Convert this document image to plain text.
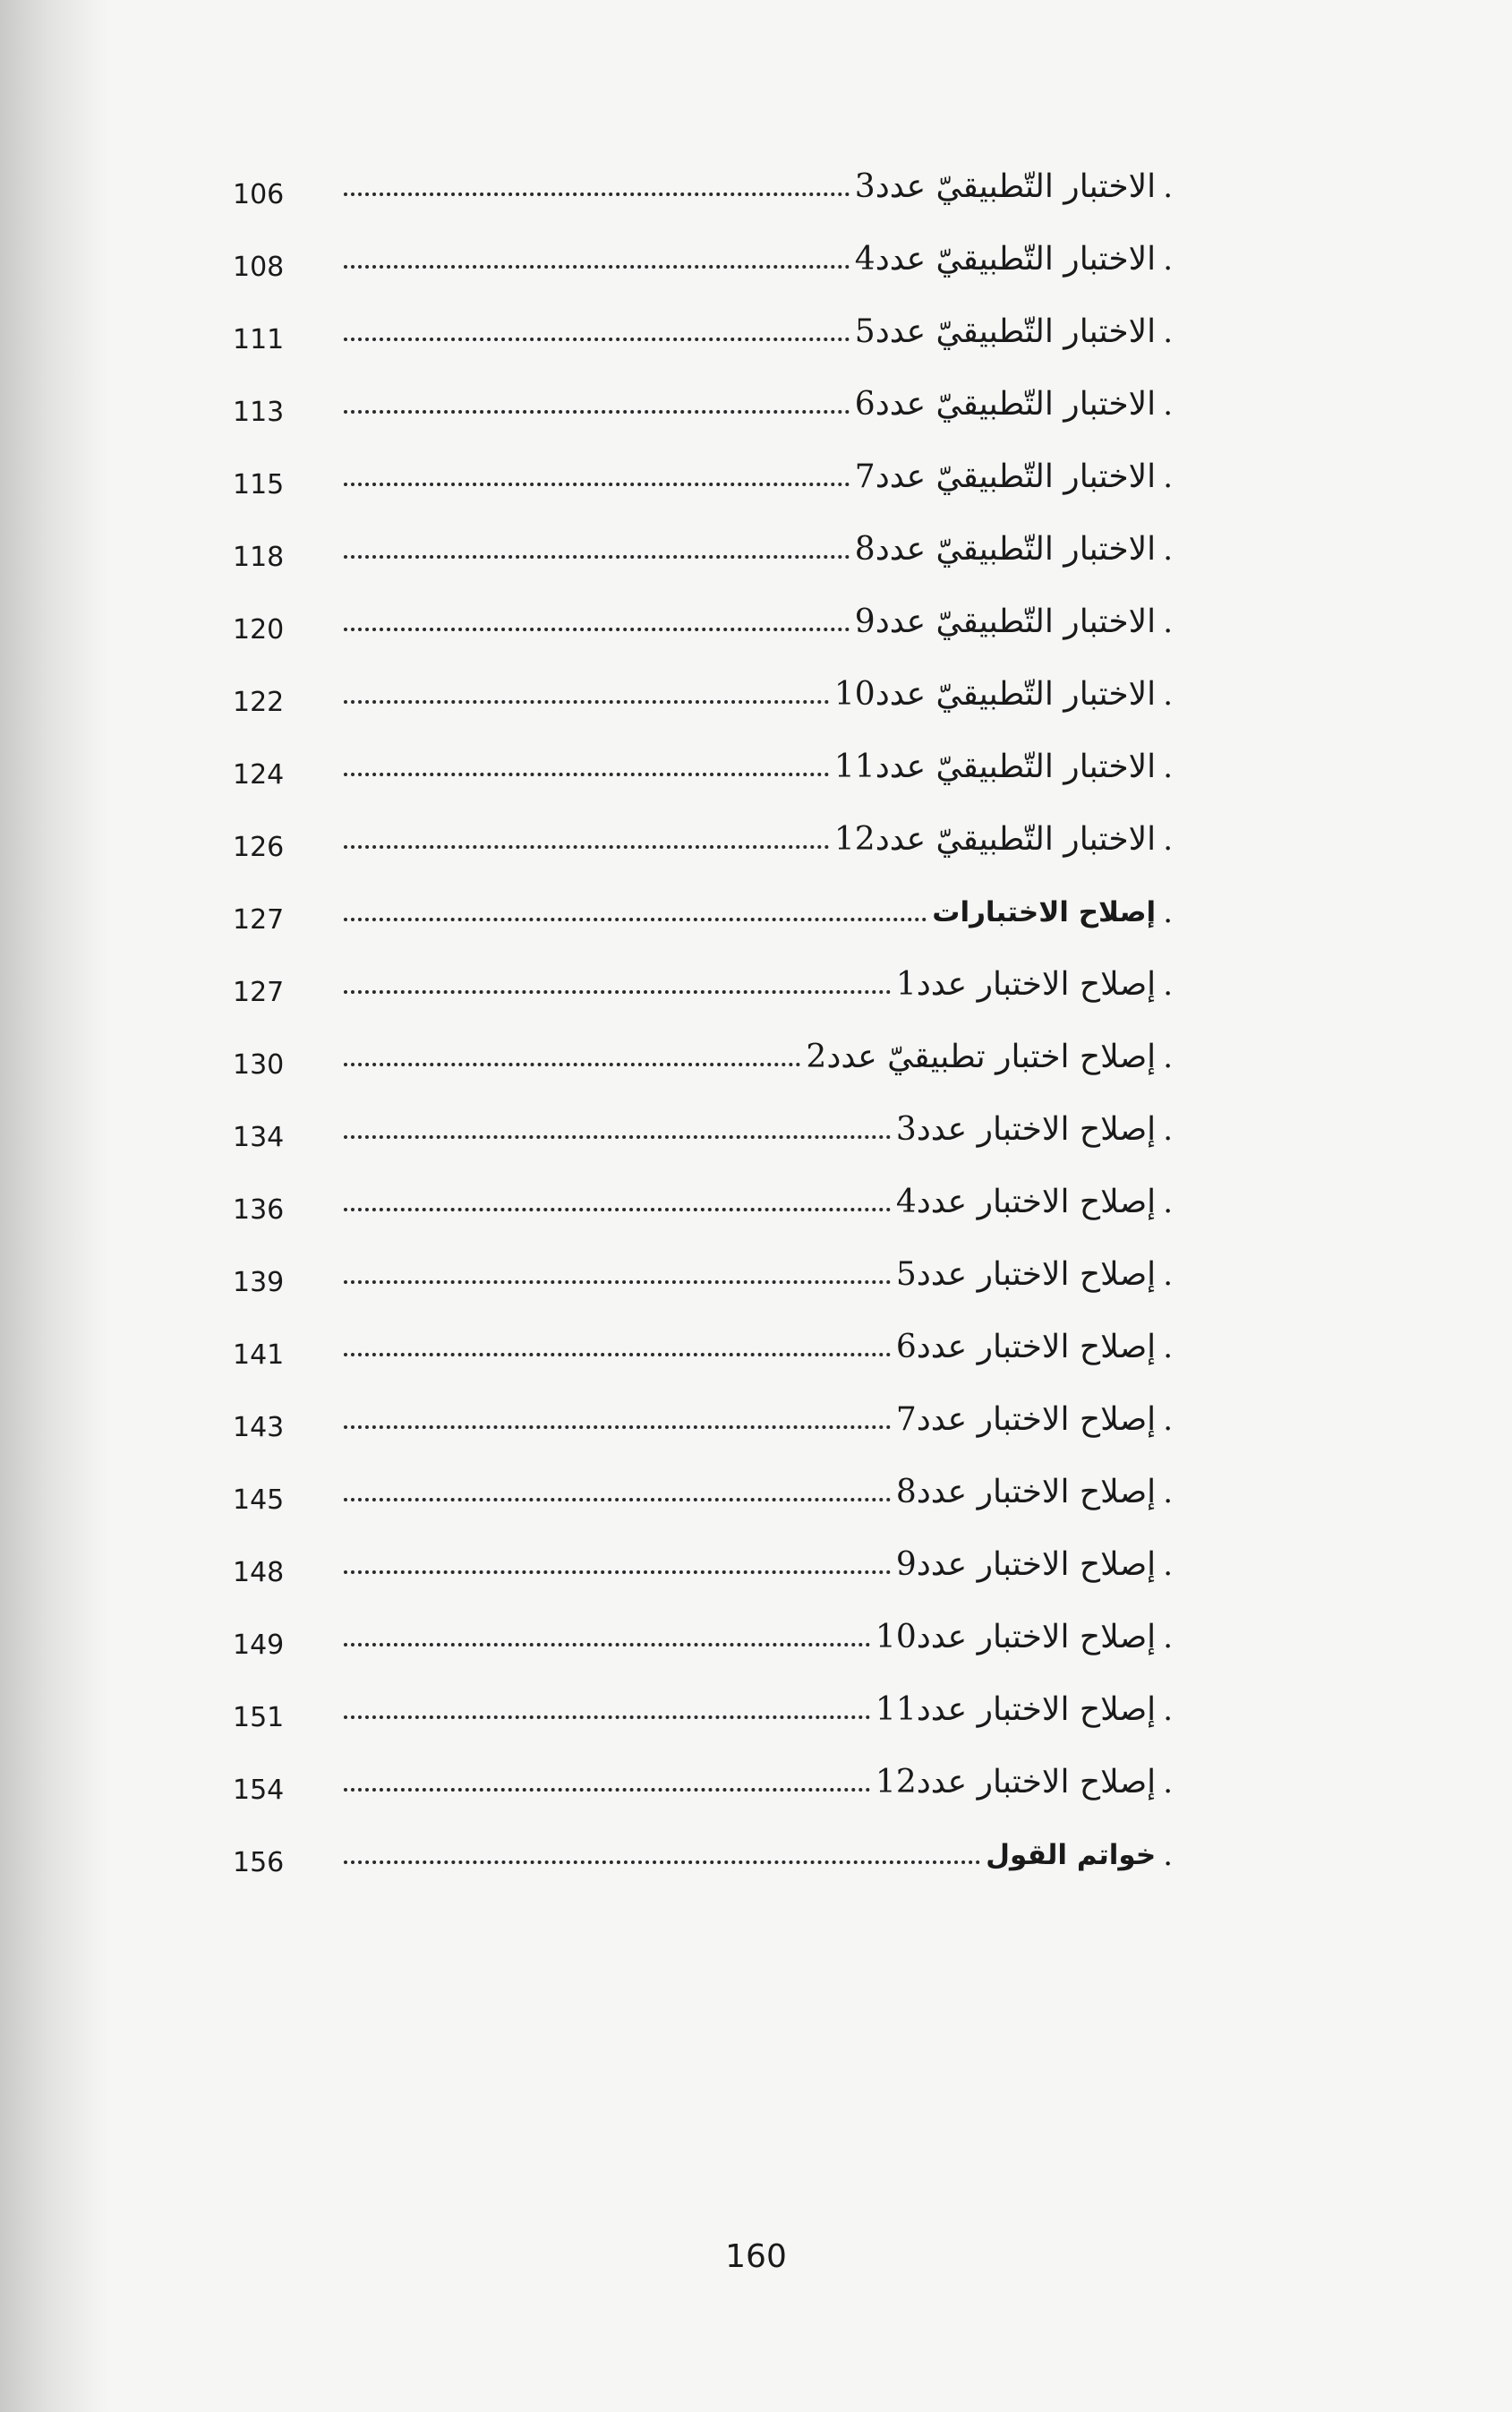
106	الاختبار التّطبيقيّ عدد3 .
108	الاختبار التّطبيقيّ عدد4 .
111	الاختبار التّطبيقيّ عدد5 .
113	الاختبار التّطبيقيّ عدد6 .
115	الاختبار التّطبيقيّ عدد7 .
118	الاختبار التّطبيقيّ عدد8 .
120	الاختبار التّطبيقيّ عدد9 .
122	الاختبار التّطبيقيّ عدد10 .
124	الاختبار التّطبيقيّ عدد11 .
126	الاختبار التّطبيقيّ عدد12 .
127	إصلاح الاختبارات .
127	إصلاح الاختبار عدد1 .
130	إصلاح اختبار تطبيقيّ عدد2 .
134	إصلاح الاختبار عدد3 .
136	إصلاح الاختبار عدد4 .
139	إصلاح الاختبار عدد5 .
141	إصلاح الاختبار عدد6 .
143	إصلاح الاختبار عدد7 .
145	إصلاح الاختبار عدد8 .
148	إصلاح الاختبار عدد9 .
149	إصلاح الاختبار عدد10 .
151	إصلاح الاختبار عدد11 .
154	إصلاح الاختبار عدد12 .
156	خواتم القول .
160
